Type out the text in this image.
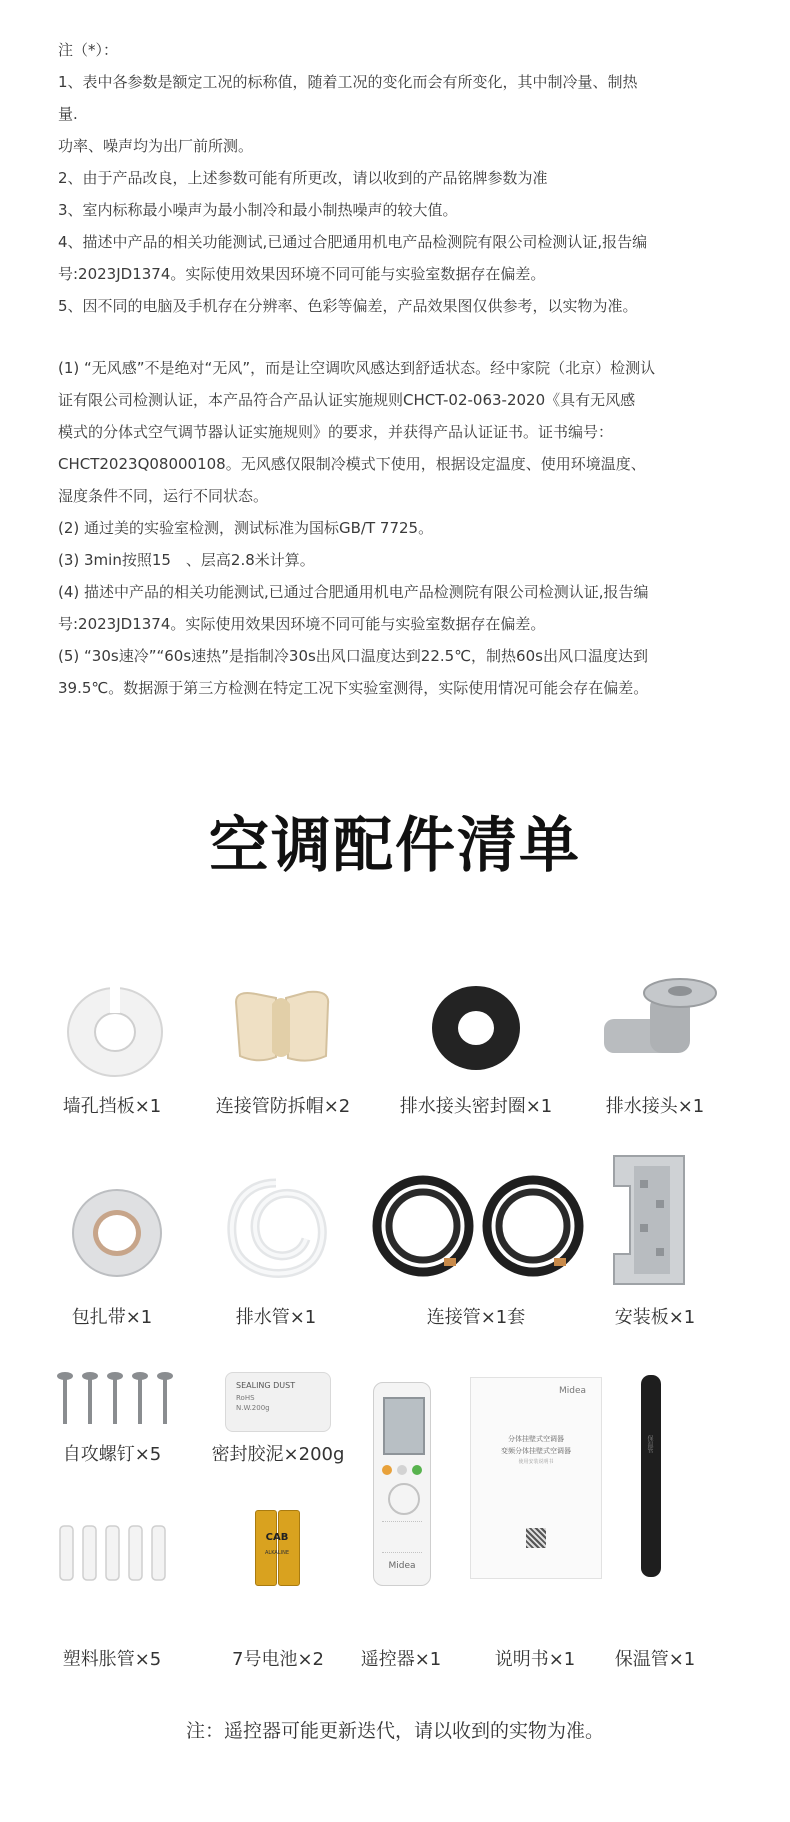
注（*）：

1、表中各参数是额定工况的标称值，随着工况的变化而会有所变化，其中制冷量、制热

量.

功率、噪声均为出厂前所测。

2、由于产品改良，上述参数可能有所更改，请以收到的产品铭牌参数为准

3、室内标称最小噪声为最小制冷和最小制热噪声的较大值。

4、描述中产品的相关功能测试,已通过合肥通用机电产品检测院有限公司检测认证,报告编

号:2023JD1374。实际使用效果因环境不同可能与实验室数据存在偏差。

5、因不同的电脑及手机存在分辨率、色彩等偏差，产品效果图仅供参考，以实物为准。

(1) “无风感”不是绝对“无风”，而是让空调吹风感达到舒适状态。经中家院（北京）检测认

证有限公司检测认证，本产品符合产品认证实施规则CHCT-02-063-2020《具有无风感

模式的分体式空气调节器认证实施规则》的要求，并获得产品认证证书。证书编号：

CHCT2023Q08000108。无风感仅限制冷模式下使用，根据设定温度、使用环境温度、

湿度条件不同，运行不同状态。

(2) 通过美的实验室检测，测试标准为国标GB/T 7725。

(3) 3min按照15　、层高2.8米计算。

(4) 描述中产品的相关功能测试,已通过合肥通用机电产品检测院有限公司检测认证,报告编

号:2023JD1374。实际使用效果因环境不同可能与实验室数据存在偏差。

(5) “30s速冷”“60s速热”是指制冷30s出风口温度达到22.5℃，制热60s出风口温度达到

39.5℃。数据源于第三方检测在特定工况下实验室测得，实际使用情况可能会存在偏差。

空调配件清单
墙孔挡板×1	连接管防拆帽×2	排水接头密封圈×1	排水接头×1
包扎带×1	排水管×1	连接管×1套	安装板×1
自攻螺钉×5
SEALING DUST
RoHS
N.W.200g
密封胶泥×200g
塑料胀管×5
CAB
ALKALINE
7号电池×2
Midea
遥控器×1
Midea
分体挂壁式空调器
变频分体挂壁式空调器
使用安装说明书
说明书×1
保温管
保温管×1
注：遥控器可能更新迭代，请以收到的实物为准。
